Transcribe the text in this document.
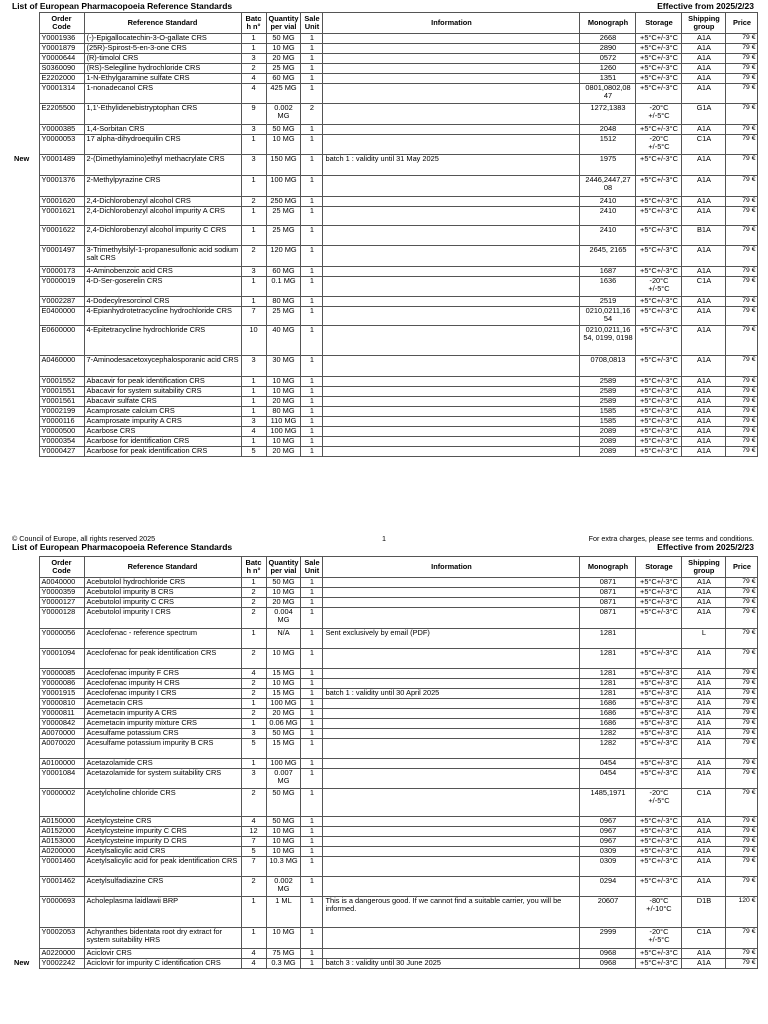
List of European Pharmacopoeia Reference Standards	Effective from 2025/2/23
	Order Code	Reference Standard	Batc h n°	Quantity per vial	Sale Unit	Information	Monograph	Storage	Shipping group	Price
	Y0001936	(-)-Epigallocatechin-3-O-gallate CRS	1	50 MG	1		2668	+5°C+/-3°C	A1A	79 €
	Y0001879	(25R)-Spirost-5-en-3-one CRS	1	10 MG	1		2890	+5°C+/-3°C	A1A	79 €
	Y0000644	(R)-timolol CRS	3	20 MG	1		0572	+5°C+/-3°C	A1A	79 €
	S0360090	(RS)-Selegiline hydrochloride CRS	2	25 MG	1		1260	+5°C+/-3°C	A1A	79 €
	E2202000	1-N-Ethylgaramine sulfate CRS	4	60 MG	1		1351	+5°C+/-3°C	A1A	79 €
	Y0001314	1-nonadecanol CRS	4	425 MG	1		0801,0802,08 47	+5°C+/-3°C	A1A	79 €
	E2205500	1,1'-Ethylidenebistryptophan CRS	9	0.002 MG	2		1272,1383	-20°C +/-5°C	G1A	79 €
	Y0000385	1,4-Sorbitan CRS	3	50 MG	1		2048	+5°C+/-3°C	A1A	79 €
	Y0000053	17 alpha-dihydroequilin CRS	1	10 MG	1		1512	-20°C +/-5°C	C1A	79 €
New	Y0001489	2-(Dimethylamino)ethyl methacrylate CRS	3	150 MG	1	batch 1 : validity until 31 May 2025	1975	+5°C+/-3°C	A1A	79 €
	Y0001376	2-Methylpyrazine CRS	1	100 MG	1		2446,2447,27 08	+5°C+/-3°C	A1A	79 €
	Y0001620	2,4-Dichlorobenzyl alcohol CRS	2	250 MG	1		2410	+5°C+/-3°C	A1A	79 €
	Y0001621	2,4-Dichlorobenzyl alcohol impurity A CRS	1	25 MG	1		2410	+5°C+/-3°C	A1A	79 €
	Y0001622	2,4-Dichlorobenzyl alcohol impurity C CRS	1	25 MG	1		2410	+5°C+/-3°C	B1A	79 €
	Y0001497	3-Trimethylsilyl-1-propanesulfonic acid sodium salt CRS	2	120 MG	1		2645, 2165	+5°C+/-3°C	A1A	79 €
	Y0000173	4-Aminobenzoic acid CRS	3	60 MG	1		1687	+5°C+/-3°C	A1A	79 €
	Y0000019	4-D-Ser-goserelin CRS	1	0.1 MG	1		1636	-20°C +/-5°C	C1A	79 €
	Y0002287	4-Dodecylresorcinol CRS	1	80 MG	1		2519	+5°C+/-3°C	A1A	79 €
	E0400000	4-Epianhydrotetracycline hydrochloride CRS	7	25 MG	1		0210,0211,16 54	+5°C+/-3°C	A1A	79 €
	E0600000	4-Epitetracycline hydrochloride CRS	10	40 MG	1		0210,0211,16 54, 0199, 0198	+5°C+/-3°C	A1A	79 €
	A0460000	7-Aminodesacetoxycephalosporanic acid CRS	3	30 MG	1		0708,0813	+5°C+/-3°C	A1A	79 €
	Y0001552	Abacavir for peak identification CRS	1	10 MG	1		2589	+5°C+/-3°C	A1A	79 €
	Y0001551	Abacavir for system suitability CRS	1	10 MG	1		2589	+5°C+/-3°C	A1A	79 €
	Y0001561	Abacavir sulfate CRS	1	20 MG	1		2589	+5°C+/-3°C	A1A	79 €
	Y0002199	Acamprosate calcium CRS	1	80 MG	1		1585	+5°C+/-3°C	A1A	79 €
	Y0000116	Acamprosate impurity A CRS	3	110 MG	1		1585	+5°C+/-3°C	A1A	79 €
	Y0000500	Acarbose CRS	4	100 MG	1		2089	+5°C+/-3°C	A1A	79 €
	Y0000354	Acarbose for identification CRS	1	10 MG	1		2089	+5°C+/-3°C	A1A	79 €
	Y0000427	Acarbose for peak identification CRS	5	20 MG	1		2089	+5°C+/-3°C	A1A	79 €
© Council of Europe, all rights reserved 2025	1	For extra charges, please see terms and conditions.
List of European Pharmacopoeia Reference Standards	Effective from 2025/2/23
	Order Code	Reference Standard	Batc h n°	Quantity per vial	Sale Unit	Information	Monograph	Storage	Shipping group	Price
	A0040000	Acebutolol hydrochloride CRS	1	50 MG	1		0871	+5°C+/-3°C	A1A	79 €
	Y0000359	Acebutolol impurity B CRS	2	10 MG	1		0871	+5°C+/-3°C	A1A	79 €
	Y0000127	Acebutolol impurity C CRS	2	20 MG	1		0871	+5°C+/-3°C	A1A	79 €
	Y0000128	Acebutolol impurity I CRS	2	0.004 MG	1		0871	+5°C+/-3°C	A1A	79 €
	Y0000056	Aceclofenac - reference spectrum	1	N/A	1	Sent exclusively by email (PDF)	1281		L	79 €
	Y0001094	Aceclofenac for peak identification CRS	2	10 MG	1		1281	+5°C+/-3°C	A1A	79 €
	Y0000085	Aceclofenac impurity F CRS	4	15 MG	1		1281	+5°C+/-3°C	A1A	79 €
	Y0000086	Aceclofenac impurity H CRS	2	10 MG	1		1281	+5°C+/-3°C	A1A	79 €
	Y0001915	Aceclofenac impurity I CRS	2	15 MG	1	batch 1 : validity until 30 April 2025	1281	+5°C+/-3°C	A1A	79 €
	Y0000810	Acemetacin CRS	1	100 MG	1		1686	+5°C+/-3°C	A1A	79 €
	Y0000811	Acemetacin impurity A CRS	2	20 MG	1		1686	+5°C+/-3°C	A1A	79 €
	Y0000842	Acemetacin impurity mixture CRS	1	0.06 MG	1		1686	+5°C+/-3°C	A1A	79 €
	A0070000	Acesulfame potassium CRS	3	50 MG	1		1282	+5°C+/-3°C	A1A	79 €
	A0070020	Acesulfame potassium impurity B CRS	5	15 MG	1		1282	+5°C+/-3°C	A1A	79 €
	A0100000	Acetazolamide CRS	1	100 MG	1		0454	+5°C+/-3°C	A1A	79 €
	Y0001084	Acetazolamide for system suitability CRS	3	0.007 MG	1		0454	+5°C+/-3°C	A1A	79 €
	Y0000002	Acetylcholine chloride CRS	2	50 MG	1		1485,1971	-20°C +/-5°C	C1A	79 €
	A0150000	Acetylcysteine CRS	4	50 MG	1		0967	+5°C+/-3°C	A1A	79 €
	A0152000	Acetylcysteine impurity C CRS	12	10 MG	1		0967	+5°C+/-3°C	A1A	79 €
	A0153000	Acetylcysteine impurity D CRS	7	10 MG	1		0967	+5°C+/-3°C	A1A	79 €
	A0200000	Acetylsalicylic acid CRS	5	10 MG	1		0309	+5°C+/-3°C	A1A	79 €
	Y0001460	Acetylsalicylic acid for peak identification CRS	7	10.3 MG	1		0309	+5°C+/-3°C	A1A	79 €
	Y0001462	Acetylsulfadiazine CRS	2	0.002 MG	1		0294	+5°C+/-3°C	A1A	79 €
	Y0000693	Acholeplasma laidlawii BRP	1	1 ML	1	This is a dangerous good. If we cannot find a suitable carrier, you will be informed.	20607	-80°C +/-10°C	D1B	120 €
	Y0002053	Achyranthes bidentata root dry extract for system suitability HRS	1	10 MG	1		2999	-20°C +/-5°C	C1A	79 €
	A0220000	Aciclovir CRS	4	75 MG	1		0968	+5°C+/-3°C	A1A	79 €
New	Y0002242	Aciclovir for impurity C identification CRS	4	0.3 MG	1	batch 3 : validity until 30 June 2025	0968	+5°C+/-3°C	A1A	79 €
